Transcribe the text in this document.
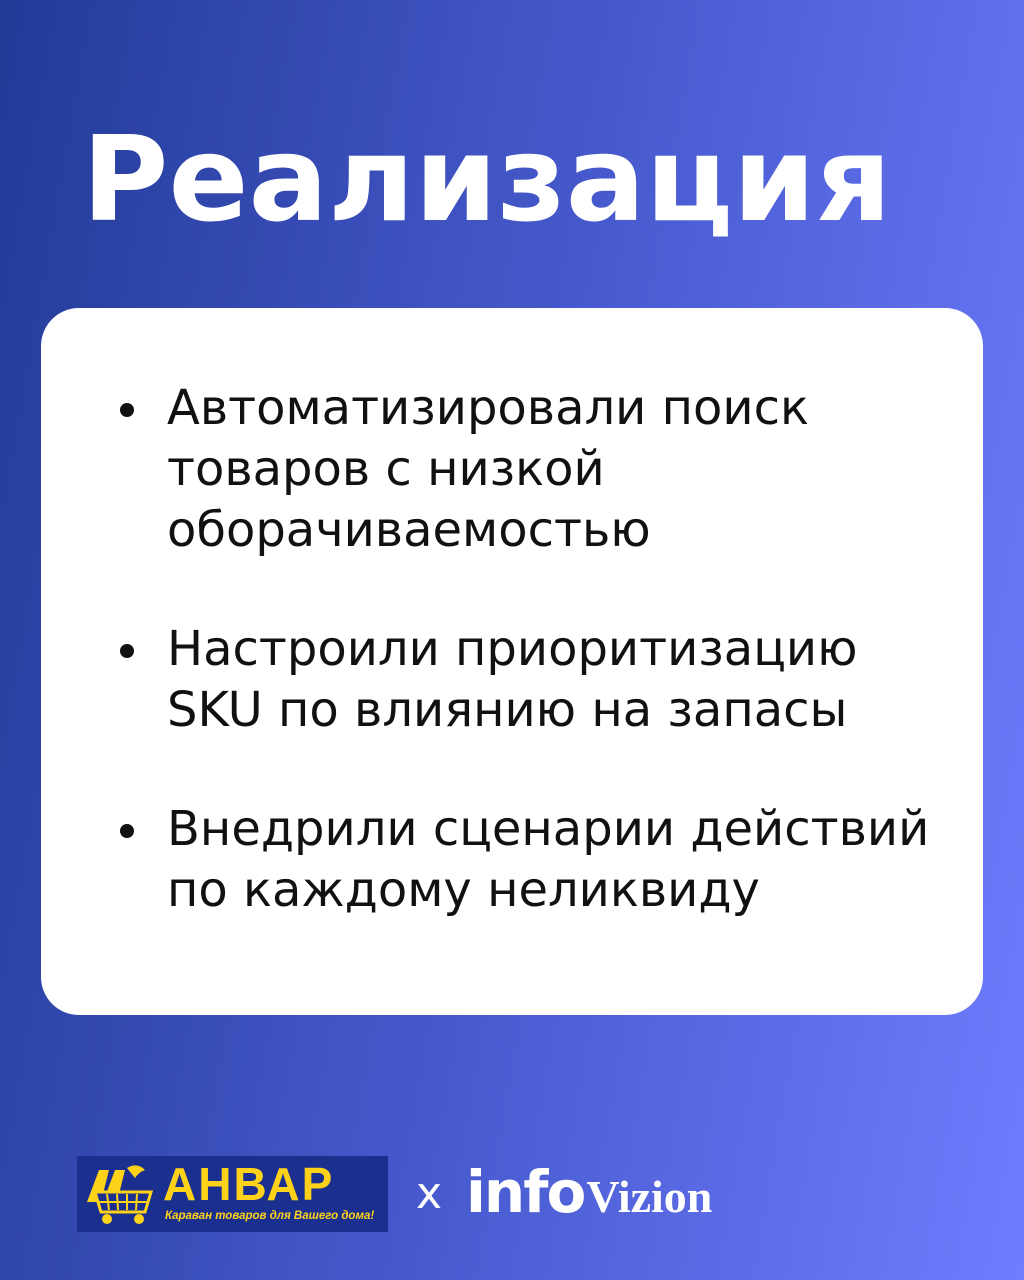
Реализация
Автоматизировали поиск товаров с низкой оборачиваемостью
Настроили приоритизацию SKU по влиянию на запасы
Внедрили сценарии действий по каждому неликвиду
АНВАР
Караван товаров для Вашего дома! x info Vizion
